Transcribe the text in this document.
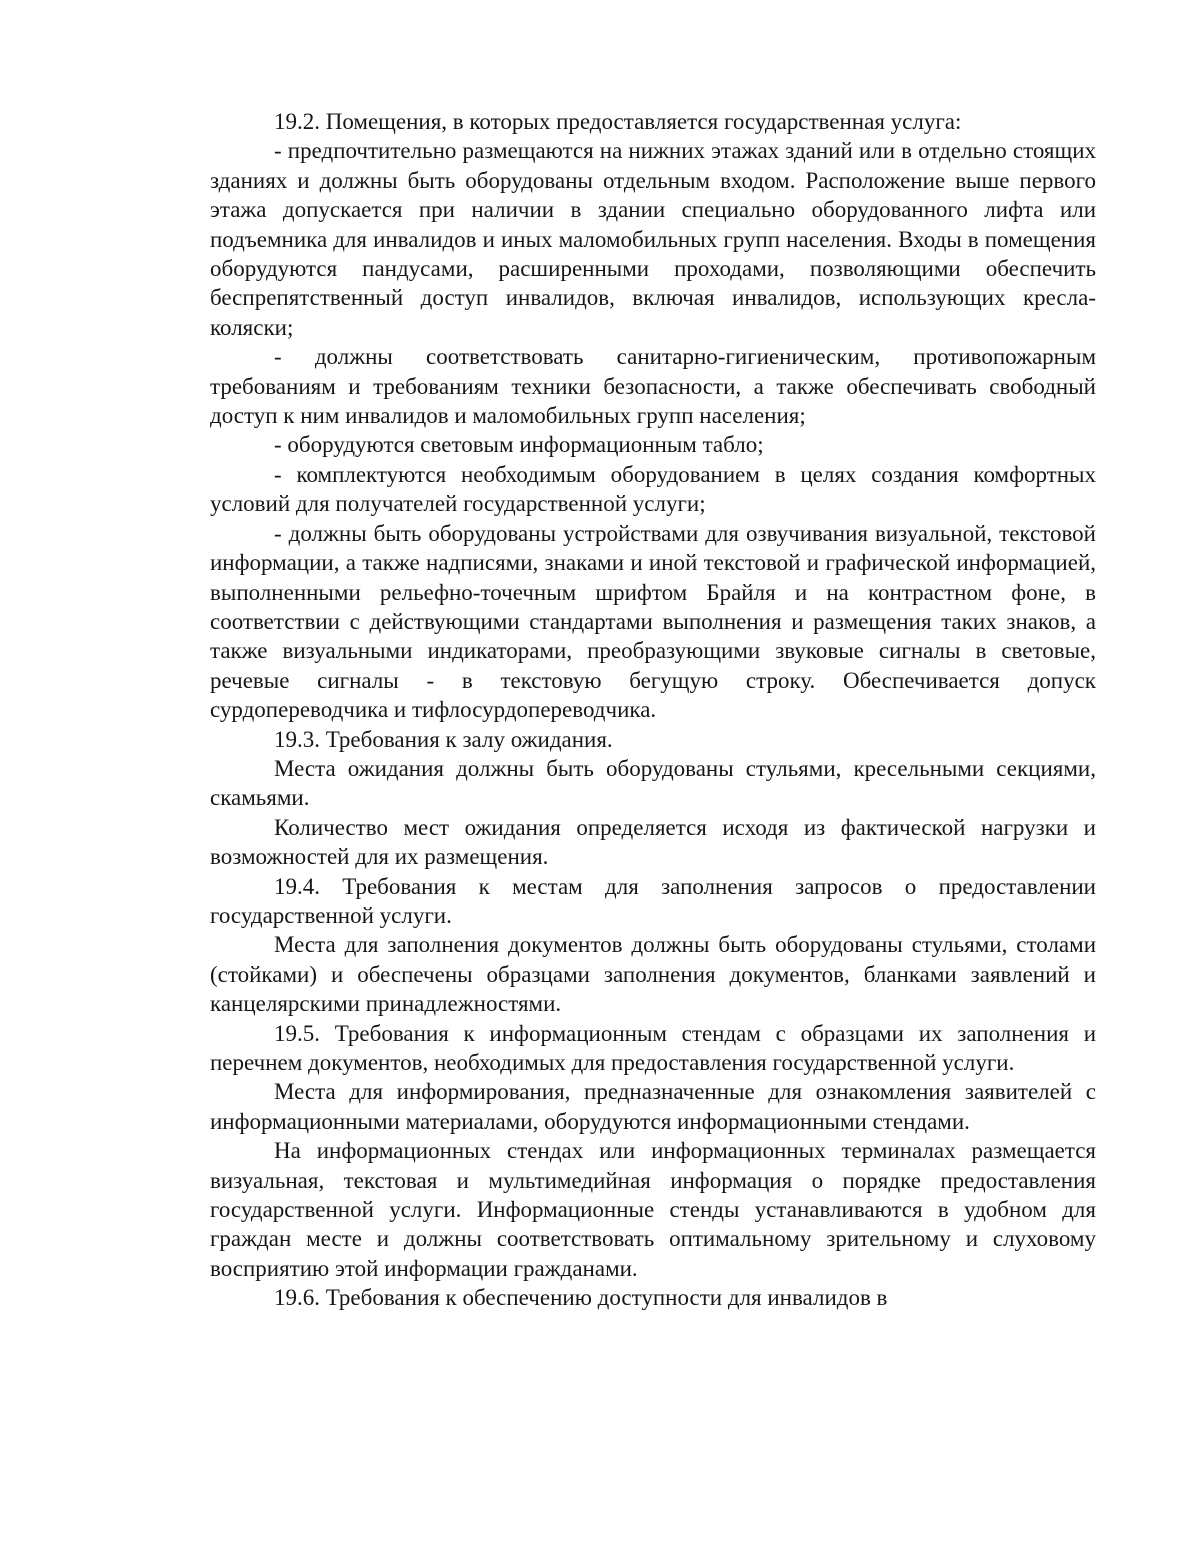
19.2. Помещения, в которых предоставляется государственная услуга:

- предпочтительно размещаются на нижних этажах зданий или в отдельно стоящих зданиях и должны быть оборудованы отдельным входом. Расположение выше первого этажа допускается при наличии в здании специально оборудованного лифта или подъемника для инвалидов и иных маломобильных групп населения. Входы в помещения оборудуются пандусами, расширенными проходами, позволяющими обеспечить беспрепятственный доступ инвалидов, включая инвалидов, использующих кресла-коляски;

- должны соответствовать санитарно-гигиеническим, противопожарным требованиям и требованиям техники безопасности, а также обеспечивать свободный доступ к ним инвалидов и маломобильных групп населения;

- оборудуются световым информационным табло;

- комплектуются необходимым оборудованием в целях создания комфортных условий для получателей государственной услуги;

- должны быть оборудованы устройствами для озвучивания визуальной, текстовой информации, а также надписями, знаками и иной текстовой и графической информацией, выполненными рельефно-точечным шрифтом Брайля и на контрастном фоне, в соответствии с действующими стандартами выполнения и размещения таких знаков, а также визуальными индикаторами, преобразующими звуковые сигналы в световые, речевые сигналы - в текстовую бегущую строку. Обеспечивается допуск сурдопереводчика и тифлосурдопереводчика.

19.3. Требования к залу ожидания.

Места ожидания должны быть оборудованы стульями, кресельными секциями, скамьями.

Количество мест ожидания определяется исходя из фактической нагрузки и возможностей для их размещения.

19.4. Требования к местам для заполнения запросов о предоставлении государственной услуги.

Места для заполнения документов должны быть оборудованы стульями, столами (стойками) и обеспечены образцами заполнения документов, бланками заявлений и канцелярскими принадлежностями.

19.5. Требования к информационным стендам с образцами их заполнения и перечнем документов, необходимых для предоставления государственной услуги.

Места для информирования, предназначенные для ознакомления заявителей с информационными материалами, оборудуются информационными стендами.

На информационных стендах или информационных терминалах размещается визуальная, текстовая и мультимедийная информация о порядке предоставления государственной услуги. Информационные стенды устанавливаются в удобном для граждан месте и должны соответствовать оптимальному зрительному и слуховому восприятию этой информации гражданами.

19.6. Требования к обеспечению доступности для инвалидов в
